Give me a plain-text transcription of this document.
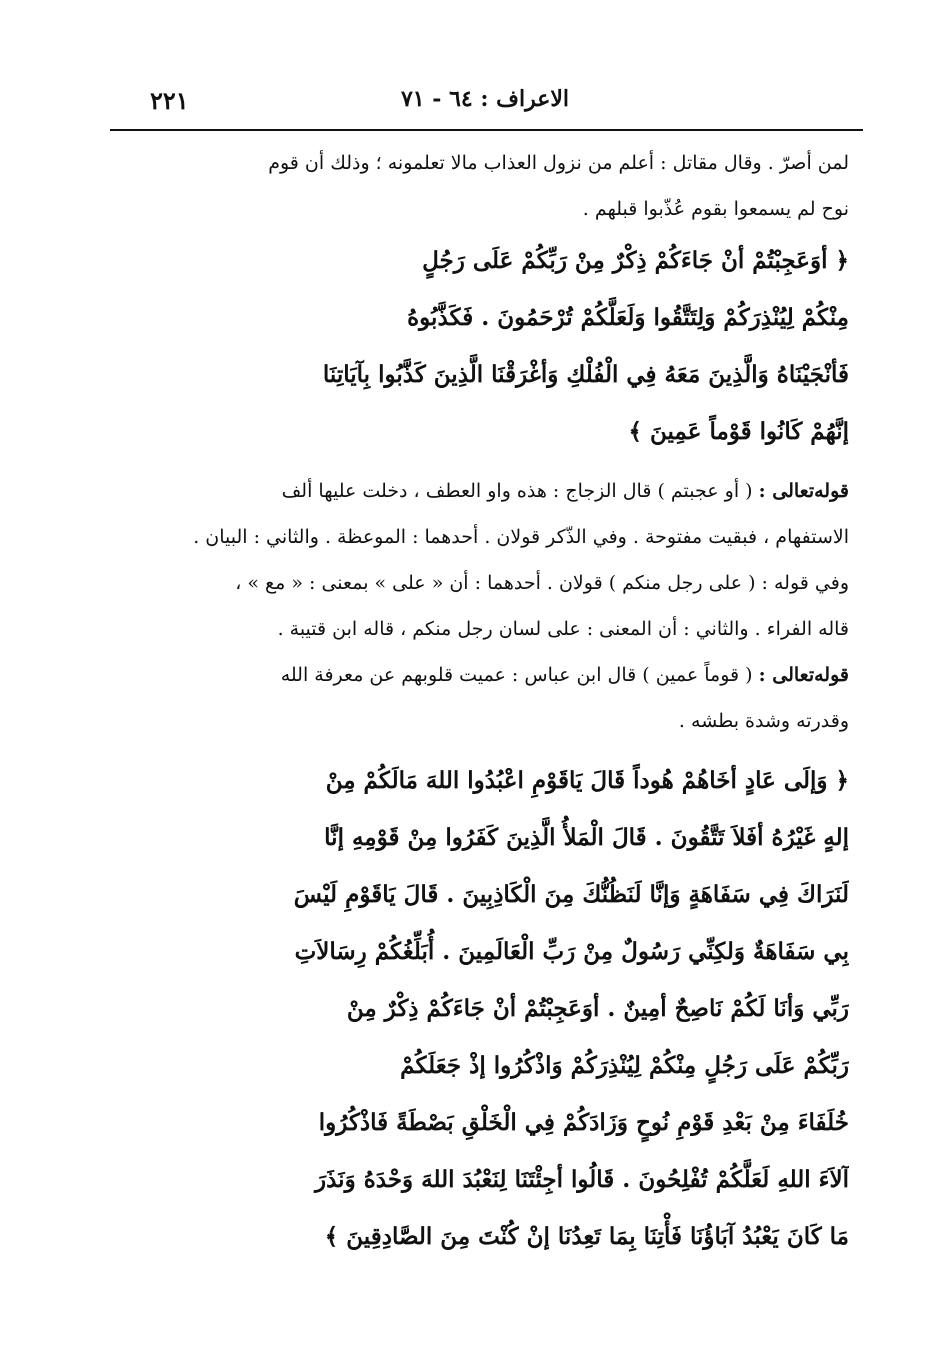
الاعراف : ٦٤ - ٧١
٢٢١
لمن أصرّ . وقال مقاتل : أعلم من نزول العذاب مالا تعلمونه ؛ وذلك أن قوم
نوح لم يسمعوا بقوم عُذّبوا قبلهم .
﴿ أوَعَجِبْتُمْ أنْ جَاءَكُمْ ذِكْرٌ مِنْ رَبِّكُمْ عَلَى رَجُلٍ
مِنْكُمْ لِيُنْذِرَكُمْ وَلِتَتَّقُوا وَلَعَلَّكُمْ تُرْحَمُونَ . فَكَذَّبُوهُ
فَأنْجَيْنَاهُ وَالَّذِينَ مَعَهُ فِي الْفُلْكِ وَأغْرَقْنَا الَّذِينَ كَذَّبُوا بِآيَاتِنَا
إنَّهُمْ كَانُوا قَوْماً عَمِينَ ﴾
قوله‌تعالى : ( أو عجبتم ) قال الزجاج : هذه واو العطف ، دخلت عليها ألف
الاستفهام ، فبقيت مفتوحة . وفي الذّكر قولان . أحدهما : الموعظة . والثاني : البيان .
وفي قوله : ( على رجل منكم ) قولان . أحدهما : أن « على » بمعنى : « مع » ،
قاله الفراء . والثاني : أن المعنى : على لسان رجل منكم ، قاله ابن قتيبة .
قوله‌تعالى : ( قوماً عمين ) قال ابن عباس : عميت قلوبهم عن معرفة الله
وقدرته وشدة بطشه .
﴿ وَإلَى عَادٍ أخَاهُمْ هُوداً قَالَ يَاقَوْمِ اعْبُدُوا اللهَ مَالَكُمْ مِنْ
إلهٍ غَيْرُهُ أفَلاَ تَتَّقُونَ . قَالَ الْمَلأُ الَّذِينَ كَفَرُوا مِنْ قَوْمِهِ إنَّا
لَنَرَاكَ فِي سَفَاهَةٍ وَإنَّا لَنَظُنُّكَ مِنَ الْكَاذِبِينَ . قَالَ يَاقَوْمِ لَيْسَ
بِي سَفَاهَةٌ وَلكِنِّي رَسُولٌ مِنْ رَبِّ الْعَالَمِينَ . أُبَلِّغُكُمْ رِسَالاَتِ
رَبِّي وَأنَا لَكُمْ نَاصِحٌ أمِينٌ . أوَعَجِبْتُمْ أنْ جَاءَكُمْ ذِكْرٌ مِنْ
رَبِّكُمْ عَلَى رَجُلٍ مِنْكُمْ لِيُنْذِرَكُمْ وَاذْكُرُوا إذْ جَعَلَكُمْ
خُلَفَاءَ مِنْ بَعْدِ قَوْمِ نُوحٍ وَزَادَكُمْ فِي الْخَلْقِ بَصْطَةً فَاذْكُرُوا
آلاَءَ اللهِ لَعَلَّكُمْ تُفْلِحُونَ . قَالُوا أجِئْتَنَا لِنَعْبُدَ اللهَ وَحْدَهُ وَنَذَرَ
مَا كَانَ يَعْبُدُ آبَاؤُنَا فَأْتِنَا بِمَا تَعِدُنَا إنْ كُنْتَ مِنَ الصَّادِقِينَ ﴾
